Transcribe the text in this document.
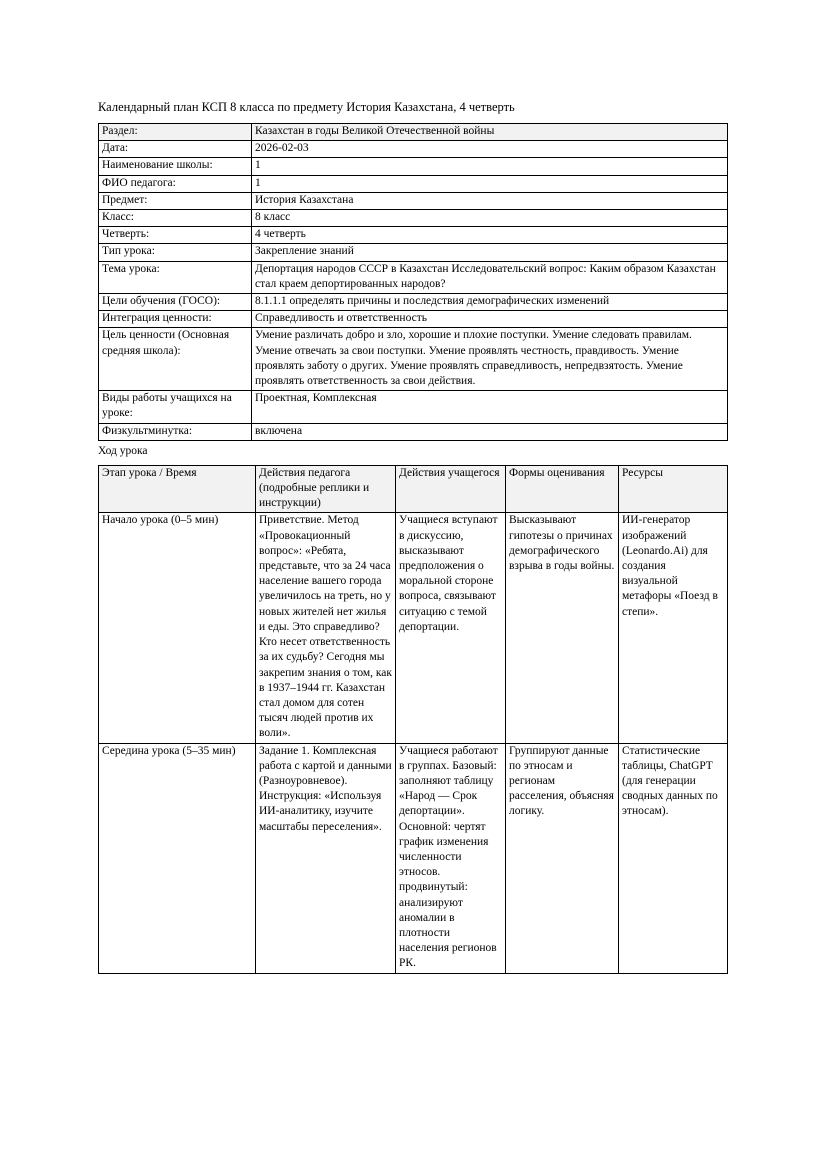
Календарный план КСП 8 класса по предмету История Казахстана, 4 четверть
Раздел:	Казахстан в годы Великой Отечественной войны
Дата:	2026-02-03
Наименование школы:	1
ФИО педагога:	1
Предмет:	История Казахстана
Класс:	8 класс
Четверть:	4 четверть
Тип урока:	Закрепление знаний
Тема урока:	Депортация народов СССР в Казахстан Исследовательский вопрос: Каким образом Казахстан стал краем депортированных народов?
Цели обучения (ГОСО):	8.1.1.1 определять причины и последствия демографических изменений
Интеграция ценности:	Справедливость и ответственность
Цель ценности (Основная средняя школа):	Умение различать добро и зло, хорошие и плохие поступки. Умение следовать правилам. Умение отвечать за свои поступки. Умение проявлять честность, правдивость. Умение проявлять заботу о других. Умение проявлять справедливость, непредвзятость. Умение проявлять ответственность за свои действия.
Виды работы учащихся на уроке:	Проектная, Комплексная
Физкультминутка:	включена
Ход урока
Этап урока / Время	Действия педагога (подробные реплики и инструкции)	Действия учащегося	Формы оценивания	Ресурсы
Начало урока (0–5 мин)	Приветствие. Метод «Провокационный вопрос»: «Ребята, представьте, что за 24 часа население вашего города увеличилось на треть, но у новых жителей нет жилья и еды. Это справедливо? Кто несет ответственность за их судьбу? Сегодня мы закрепим знания о том, как в 1937–1944 гг. Казахстан стал домом для сотен тысяч людей против их воли».	Учащиеся вступают в дискуссию, высказывают предположения о моральной стороне вопроса, связывают ситуацию с темой депортации.	Высказывают гипотезы о причинах демографического взрыва в годы войны.	ИИ-генератор изображений (Leonardo.Ai) для создания визуальной метафоры «Поезд в степи».
Середина урока (5–35 мин)	Задание 1. Комплексная работа с картой и данными (Разноуровневое). Инструкция: «Используя ИИ-аналитику, изучите масштабы переселения».	Учащиеся работают в группах. Базовый: заполняют таблицу «Народ — Срок депортации». Основной: чертят график изменения численности этносов. продвинутый: анализируют аномалии в плотности населения регионов РК.	Группируют данные по этносам и регионам расселения, объясняя логику.	Статистические таблицы, ChatGPT (для генерации сводных данных по этносам).
